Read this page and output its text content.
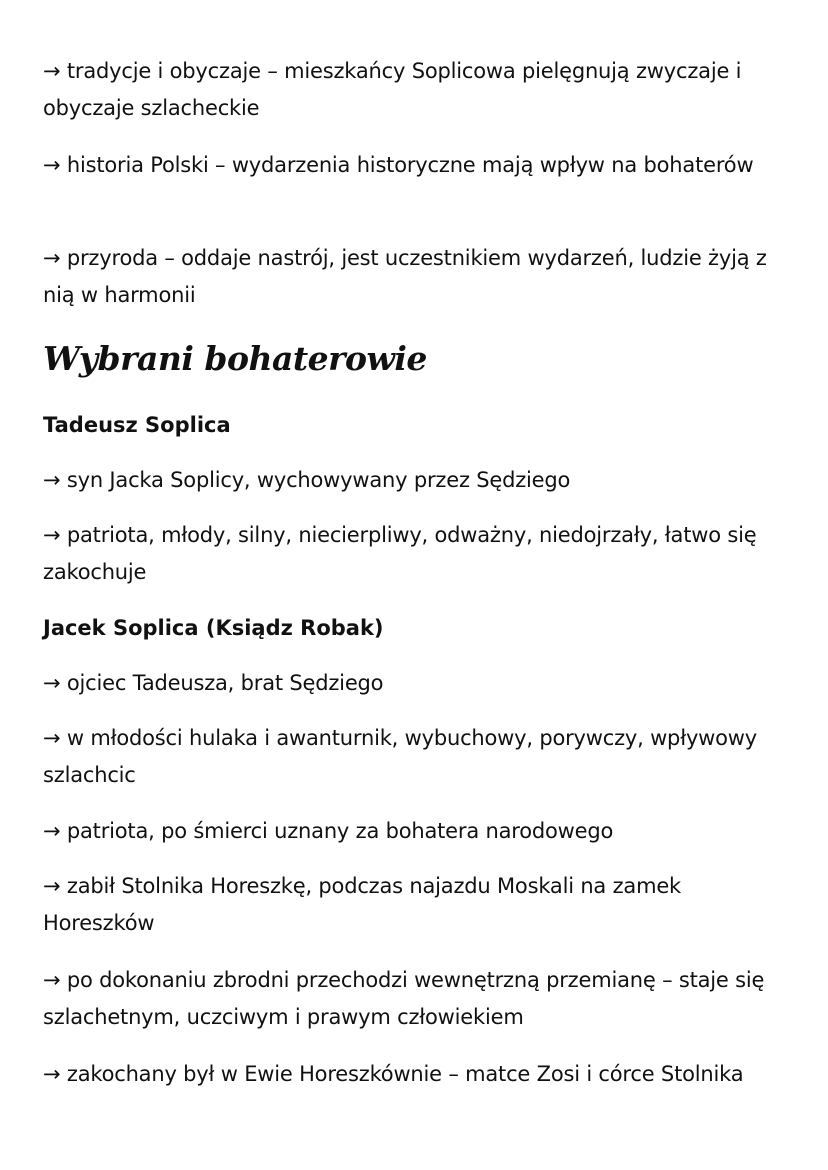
→ tradycje i obyczaje – mieszkańcy Soplicowa pielęgnują zwyczaje i obyczaje szlacheckie
→ historia Polski – wydarzenia historyczne mają wpływ na bohaterów
→ przyroda – oddaje nastrój, jest uczestnikiem wydarzeń, ludzie żyją z nią w harmonii
Wybrani bohaterowie
Tadeusz Soplica
→ syn Jacka Soplicy, wychowywany przez Sędziego
→ patriota, młody, silny, niecierpliwy, odważny, niedojrzały, łatwo się zakochuje
Jacek Soplica (Ksiądz Robak)
→ ojciec Tadeusza, brat Sędziego
→ w młodości hulaka i awanturnik, wybuchowy, porywczy, wpływowy szlachcic
→ patriota, po śmierci uznany za bohatera narodowego
→ zabił Stolnika Horeszkę, podczas najazdu Moskali na zamek Horeszków
→ po dokonaniu zbrodni przechodzi wewnętrzną przemianę – staje się szlachetnym, uczciwym i prawym człowiekiem
→ zakochany był w Ewie Horeszkównie – matce Zosi i córce Stolnika
